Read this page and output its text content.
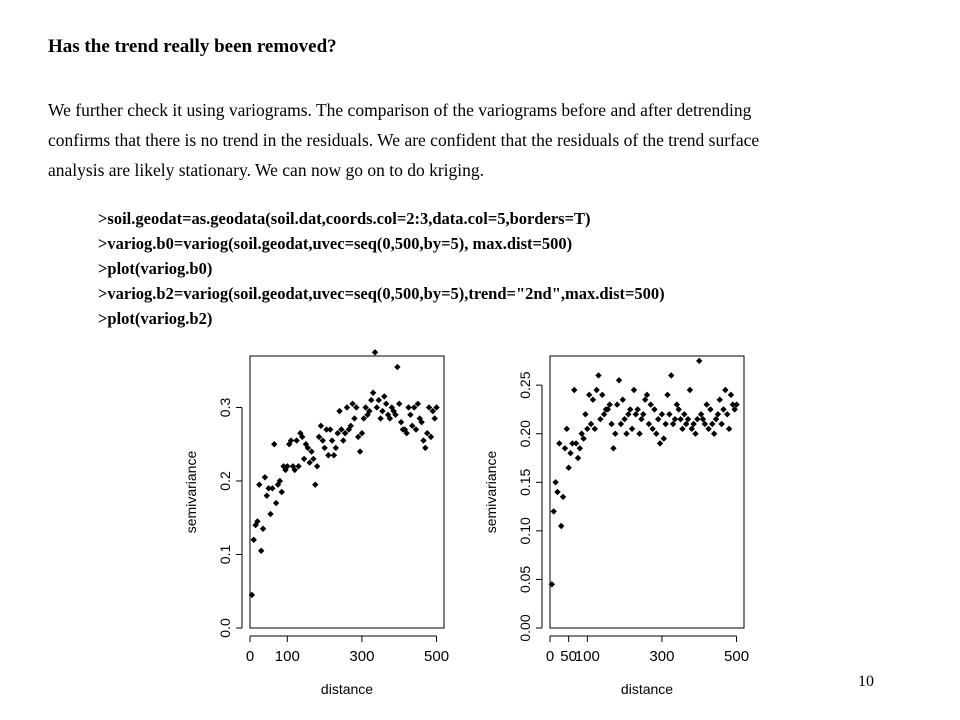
Has the trend really been removed?

We further check it using variograms. The comparison of the variograms before and after detrending
confirms that there is no trend in the residuals. We are confident that the residuals of the trend surface
analysis are likely stationary. We can now go on to do kriging.

>soil.geodat=as.geodata(soil.dat,coords.col=2:3,data.col=5,borders=T)
>variog.b0=variog(soil.geodat,uvec=seq(0,500,by=5), max.dist=500)
>plot(variog.b0)
>variog.b2=variog(soil.geodat,uvec=seq(0,500,by=5),trend="2nd",max.dist=500)
>plot(variog.b2)
0 100	300	500
distance
0.0
0.1
0.2
0.3
semivariance
0 50
100	300	500
distance
0.00
0.05
0.10
0.15
0.20
0.25
semivariance
10
